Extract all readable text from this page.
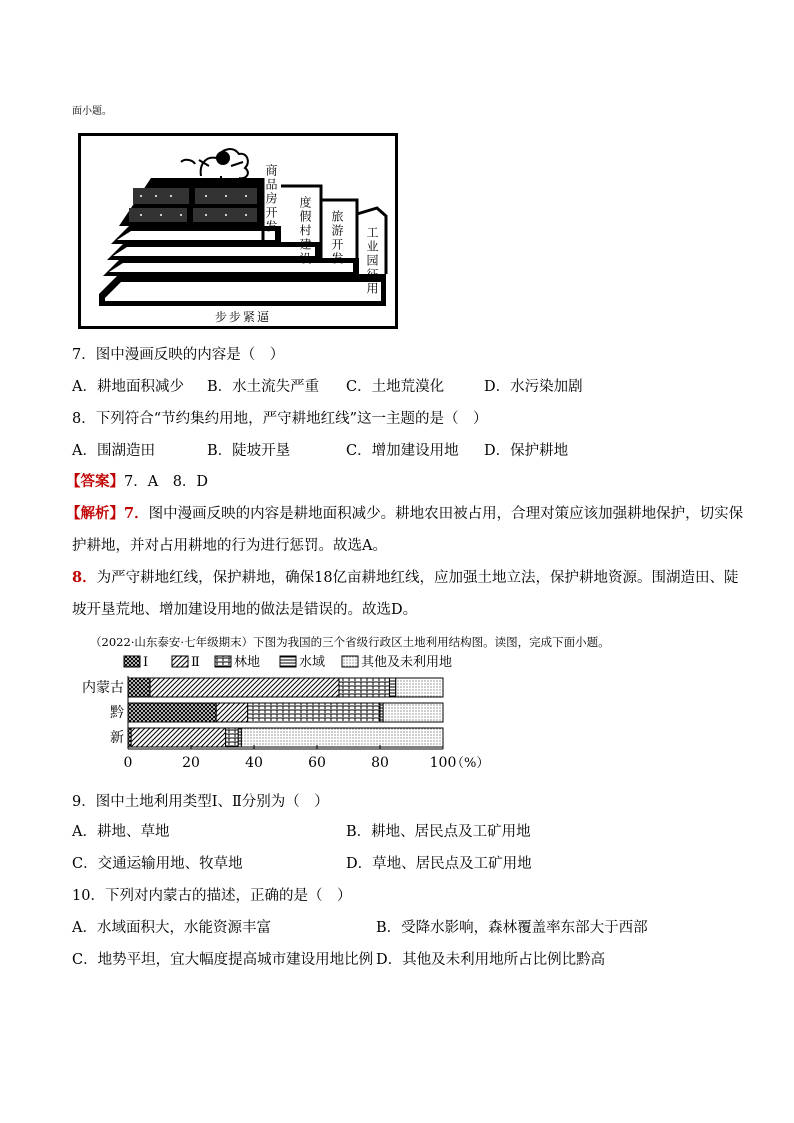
面小题。
商品房开发 度假村建设 旅游开发 工业园征用
步步紧逼
7．图中漫画反映的内容是（　）
A．耕地面积减少 B．水土流失严重 C．土地荒漠化	D．水污染加剧
8．下列符合“节约集约用地，严守耕地红线”这一主题的是（　）
A．围湖造田	B．陡坡开垦	C．增加建设用地 D．保护耕地
【答案】7．A　8．D
【解析】7．图中漫画反映的内容是耕地面积减少。耕地农田被占用，合理对策应该加强耕地保护，切实保
护耕地，并对占用耕地的行为进行惩罚。故选A。
8．为严守耕地红线，保护耕地，确保18亿亩耕地红线，应加强土地立法，保护耕地资源。围湖造田、陡
坡开垦荒地、增加建设用地的做法是错误的。故选D。
（2022·山东泰安·七年级期末）下图为我国的三个省级行政区土地利用结构图。读图，完成下面小题。
Ⅰ	Ⅱ	林地	水域	其他及未利用地
内蒙古
黔
新
0	20	40	60	80	100
（%）
9．图中土地利用类型Ⅰ、Ⅱ分别为（　）
A．耕地、草地	B．耕地、居民点及工矿用地
C．交通运输用地、牧草地	D．草地、居民点及工矿用地
10．下列对内蒙古的描述，正确的是（　）
A．水域面积大，水能资源丰富	B．受降水影响，森林覆盖率东部大于西部
C．地势平坦，宜大幅度提高城市建设用地比例 D．其他及未利用地所占比例比黔高
